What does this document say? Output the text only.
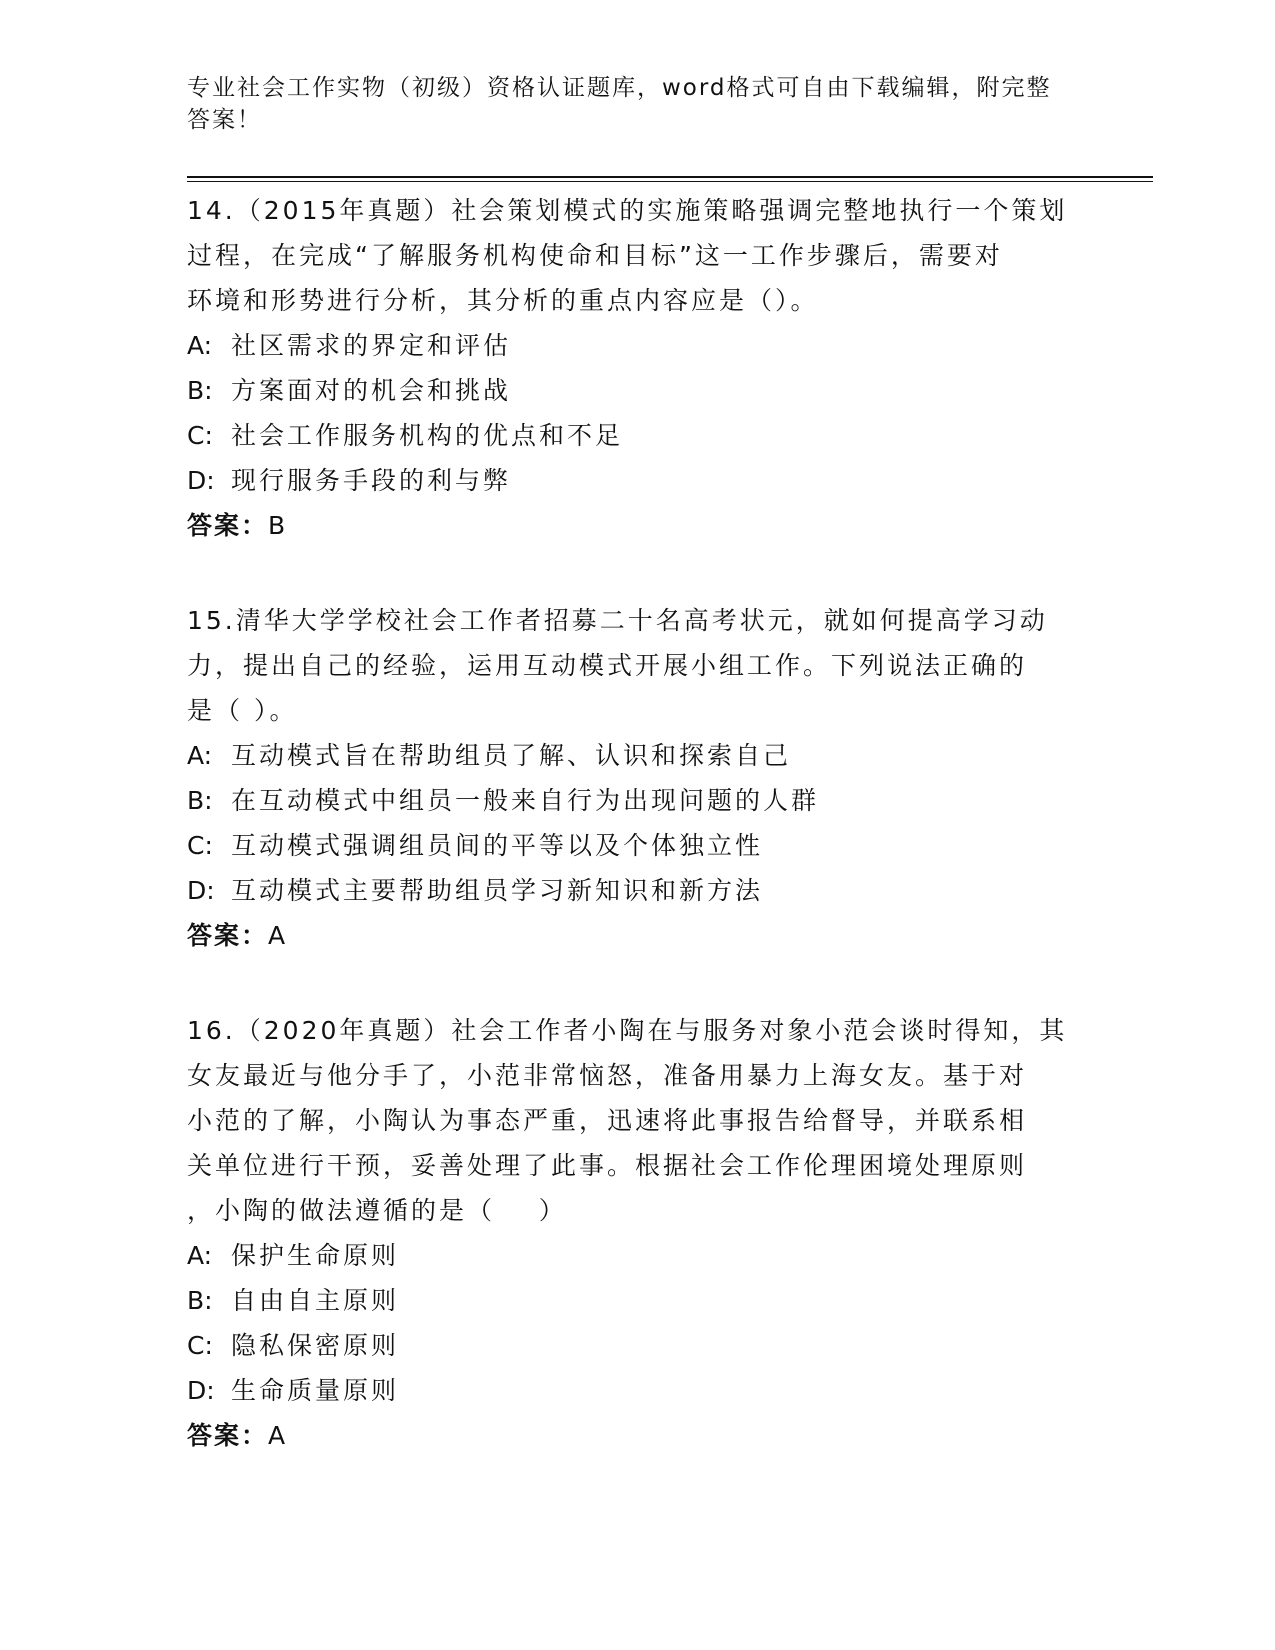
专业社会工作实物（初级）资格认证题库，word格式可自由下载编辑，附完整答案！

14.（2015年真题）社会策划模式的实施策略强调完整地执行一个策划

过程，在完成“了解服务机构使命和目标”这一工作步骤后，需要对

环境和形势进行分析，其分析的重点内容应是（）。

A: 社区需求的界定和评估

B: 方案面对的机会和挑战

C: 社会工作服务机构的优点和不足

D: 现行服务手段的利与弊

答案：B

15.清华大学学校社会工作者招募二十名高考状元，就如何提高学习动

力，提出自己的经验，运用互动模式开展小组工作。下列说法正确的

是（ ）。

A: 互动模式旨在帮助组员了解、认识和探索自己

B: 在互动模式中组员一般来自行为出现问题的人群

C: 互动模式强调组员间的平等以及个体独立性

D: 互动模式主要帮助组员学习新知识和新方法

答案：A

16.（2020年真题）社会工作者小陶在与服务对象小范会谈时得知，其

女友最近与他分手了，小范非常恼怒，准备用暴力上海女友。基于对

小范的了解，小陶认为事态严重，迅速将此事报告给督导，并联系相

关单位进行干预，妥善处理了此事。根据社会工作伦理困境处理原则

，小陶的做法遵循的是（    ）

A: 保护生命原则

B: 自由自主原则

C: 隐私保密原则

D: 生命质量原则

答案：A
